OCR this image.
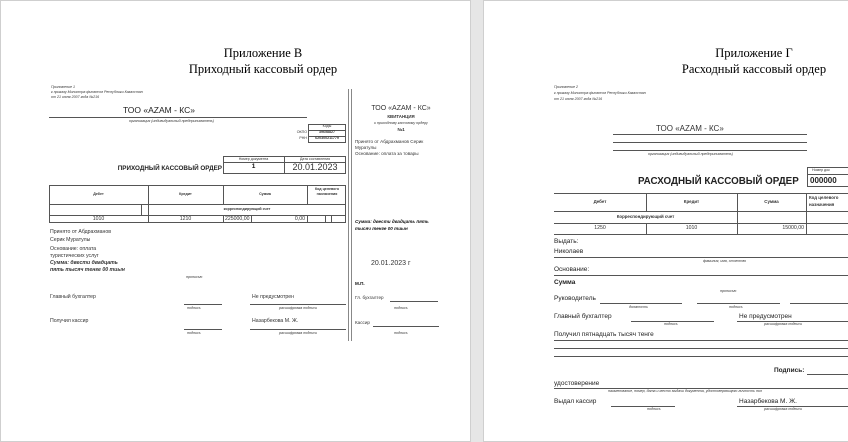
Приложение В
Приходный кассовый ордер
Приложение 1
к приказу Министра финансов Республики Казахстан
от 21 июня 2007 года №216
ТОО «AZAM - КС»
организация (индивидуальный предприниматель)
Коды
ОКПО	39658827
РНН	620300211779
ПРИХОДНЫЙ КАССОВЫЙ ОРДЕР
Номер документа	Дата составления
1	20.01.2023
Дебет	Кредит	Сумма
Код целевого назначения
корреспондирующий счет
1010	1210	225000,00	0,00
Принято от Абдрахманов
Серик Муратулы
Основание: оплата
туристических услуг
Сумма: двести двадцать
пять тысяч тенге 00 тиын
прописью
Главный бухгалтер
подпись
Не предусмотрен
расшифровка подписи
Получил кассир
подпись
Назарбекова М. Ж.
расшифровка подписи
ТОО «AZAM - КС»
КВИТАНЦИЯ
к приходному кассовому ордеру
№1
Принято от Абдрахманов Серик
Муратулы
Основание: оплата за товары
Сумма: двести двадцать пять
тысяч тенге 00 тиын
20.01.2023 г
М.П.
Гл. бухгалтер
подпись
Кассир
подпись
Приложение Г
Расходный кассовый ордер
Приложение 2
к приказу Министра финансов Республики Казахстан
от 21 июня 2007 года №216
ТОО «AZAM - КС»
организация (индивидуальный предприниматель)
РАСХОДНЫЙ КАССОВЫЙ ОРДЕР
Номер док
000000
Дебет	Кредит	Сумма
Код целевого назначения
Корреспондирующий счет
1250	1010	15000,00
Выдать:
Николаев
фамилия, имя, отчество
Основание:
Сумма
прописью
Руководитель
должность	подпись
Главный бухгалтер
подпись
Не предусмотрен
расшифровка подписи
Получил пятнадцать тысяч тенге
Подпись:
удостоверение
наименование, номер, дата и место выдачи документа, удостоверяющего личность пол
Выдал кассир
подпись
Назарбекова М. Ж.
расшифровка подписи
